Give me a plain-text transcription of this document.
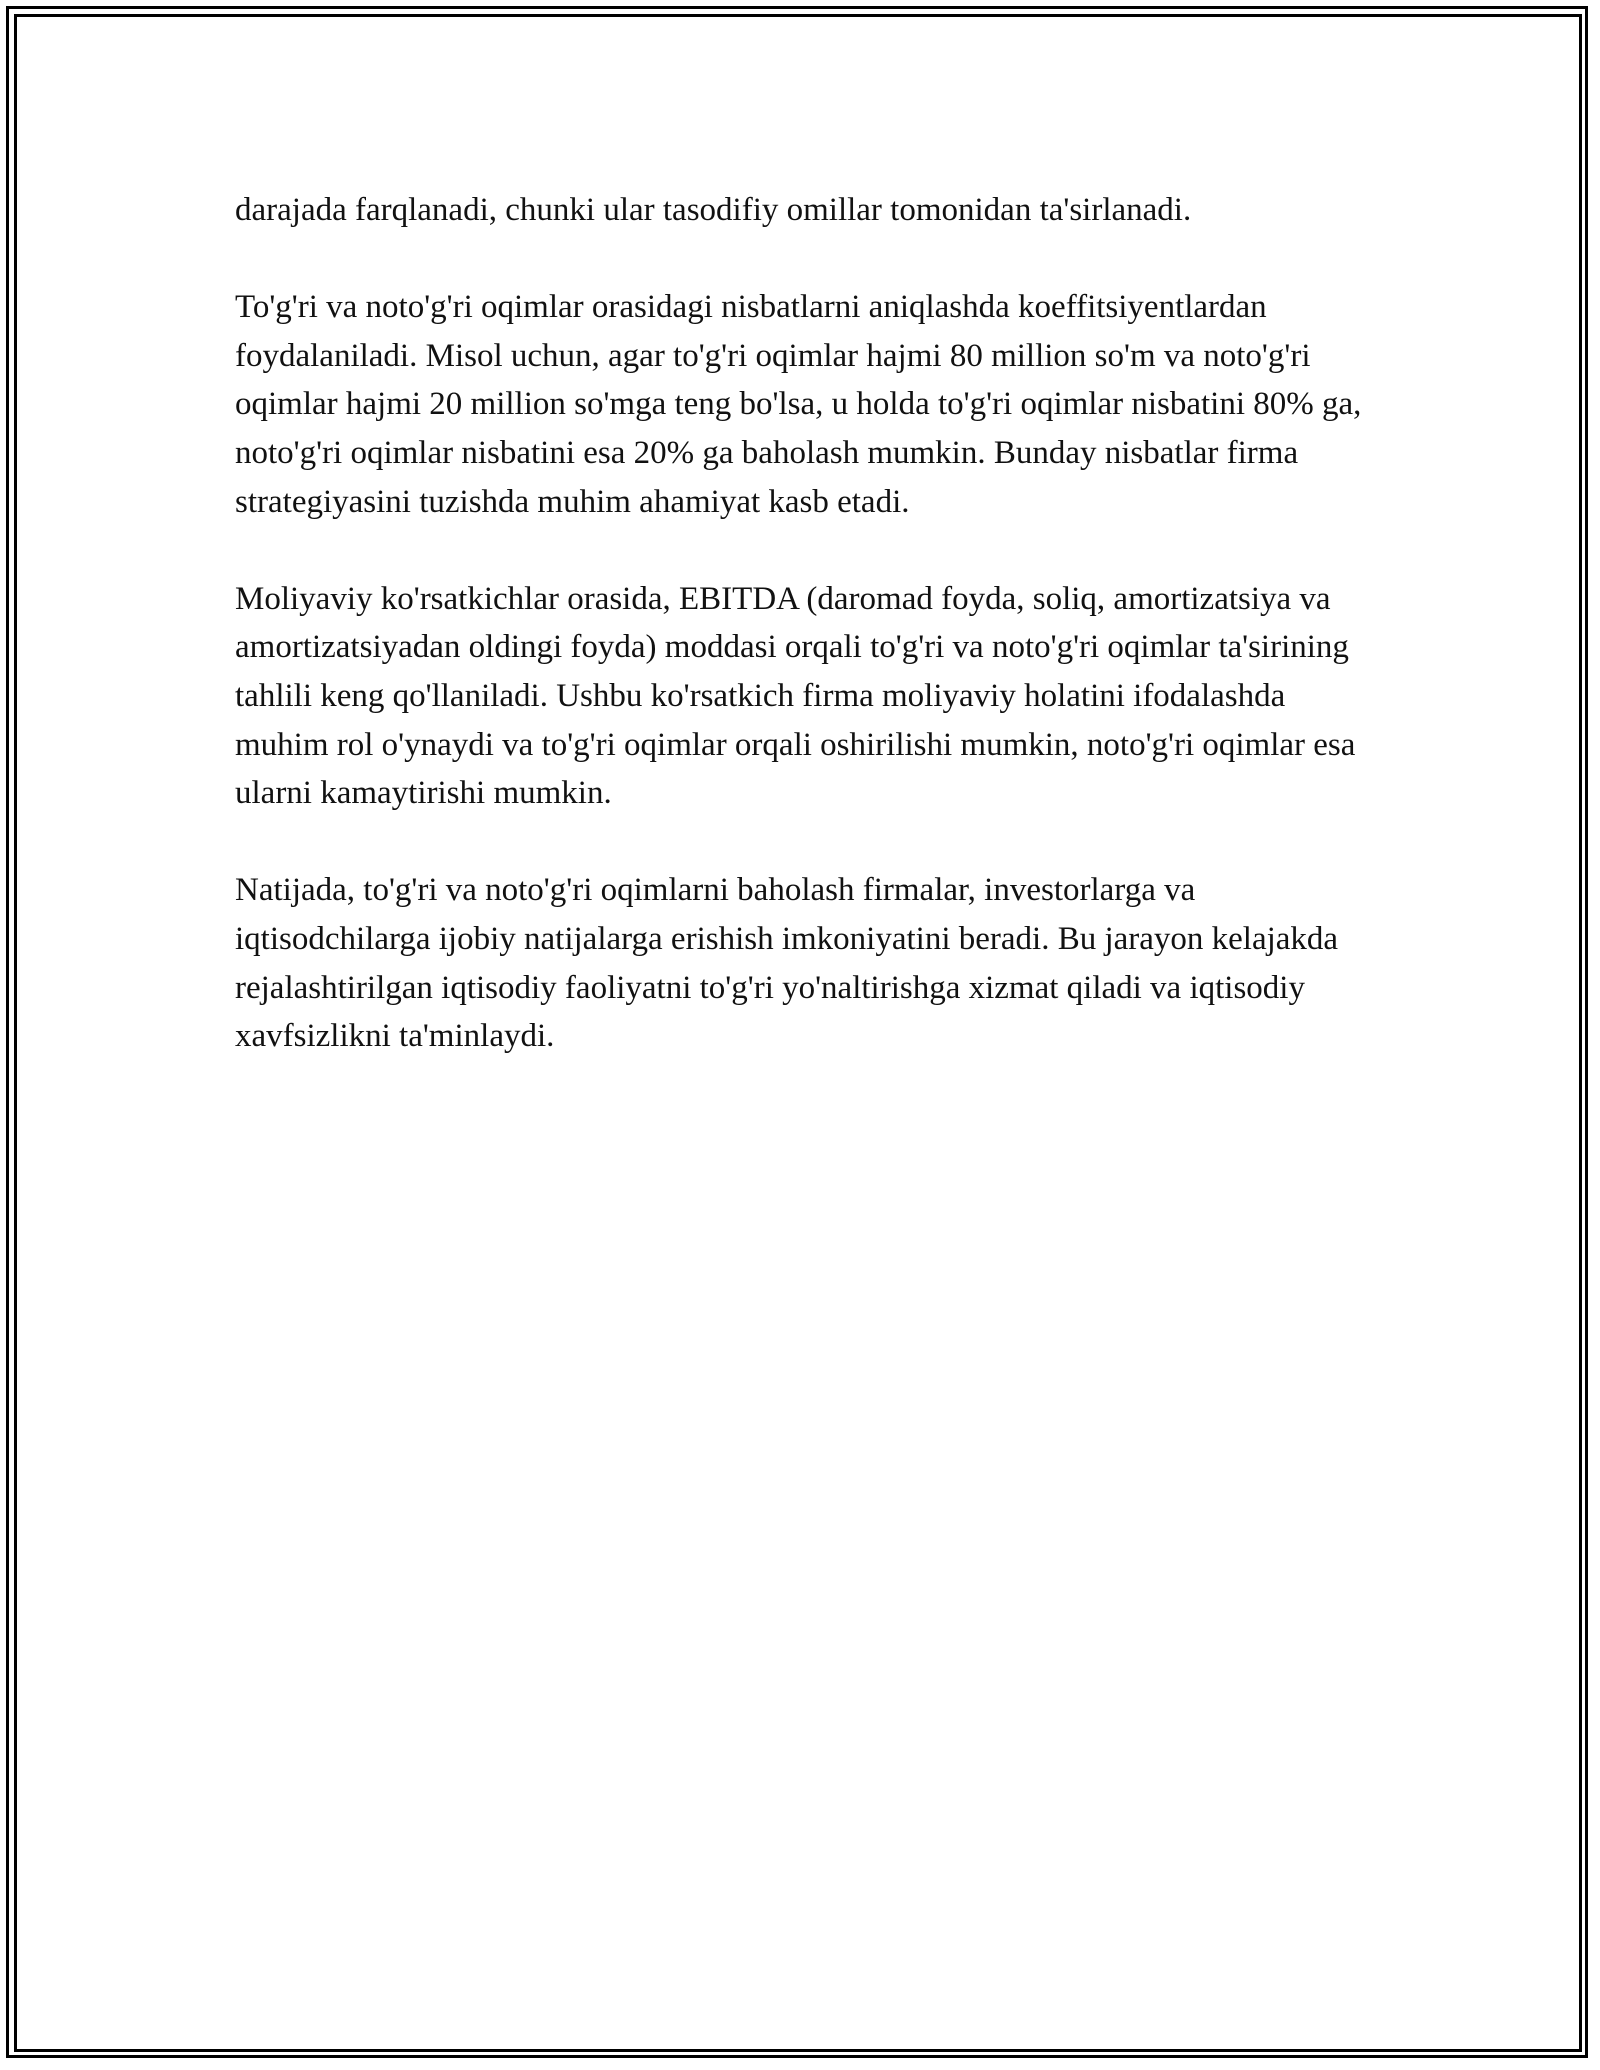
darajada farqlanadi, chunki ular tasodifiy omillar tomonidan ta'sirlanadi.

To'g'ri va noto'g'ri oqimlar orasidagi nisbatlarni aniqlashda koeffitsiyentlardan foydalaniladi. Misol uchun, agar to'g'ri oqimlar hajmi 80 million so'm va noto'g'ri oqimlar hajmi 20 million so'mga teng bo'lsa, u holda to'g'ri oqimlar nisbatini 80% ga, noto'g'ri oqimlar nisbatini esa 20% ga baholash mumkin. Bunday nisbatlar firma strategiyasini tuzishda muhim ahamiyat kasb etadi.

Moliyaviy ko'rsatkichlar orasida, EBITDA (daromad foyda, soliq, amortizatsiya va amortizatsiyadan oldingi foyda) moddasi orqali to'g'ri va noto'g'ri oqimlar ta'sirining tahlili keng qo'llaniladi. Ushbu ko'rsatkich firma moliyaviy holatini ifodalashda muhim rol o'ynaydi va to'g'ri oqimlar orqali oshirilishi mumkin, noto'g'ri oqimlar esa ularni kamaytirishi mumkin.

Natijada, to'g'ri va noto'g'ri oqimlarni baholash firmalar, investorlarga va iqtisodchilarga ijobiy natijalarga erishish imkoniyatini beradi. Bu jarayon kelajakda rejalashtirilgan iqtisodiy faoliyatni to'g'ri yo'naltirishga xizmat qiladi va iqtisodiy xavfsizlikni ta'minlaydi.
